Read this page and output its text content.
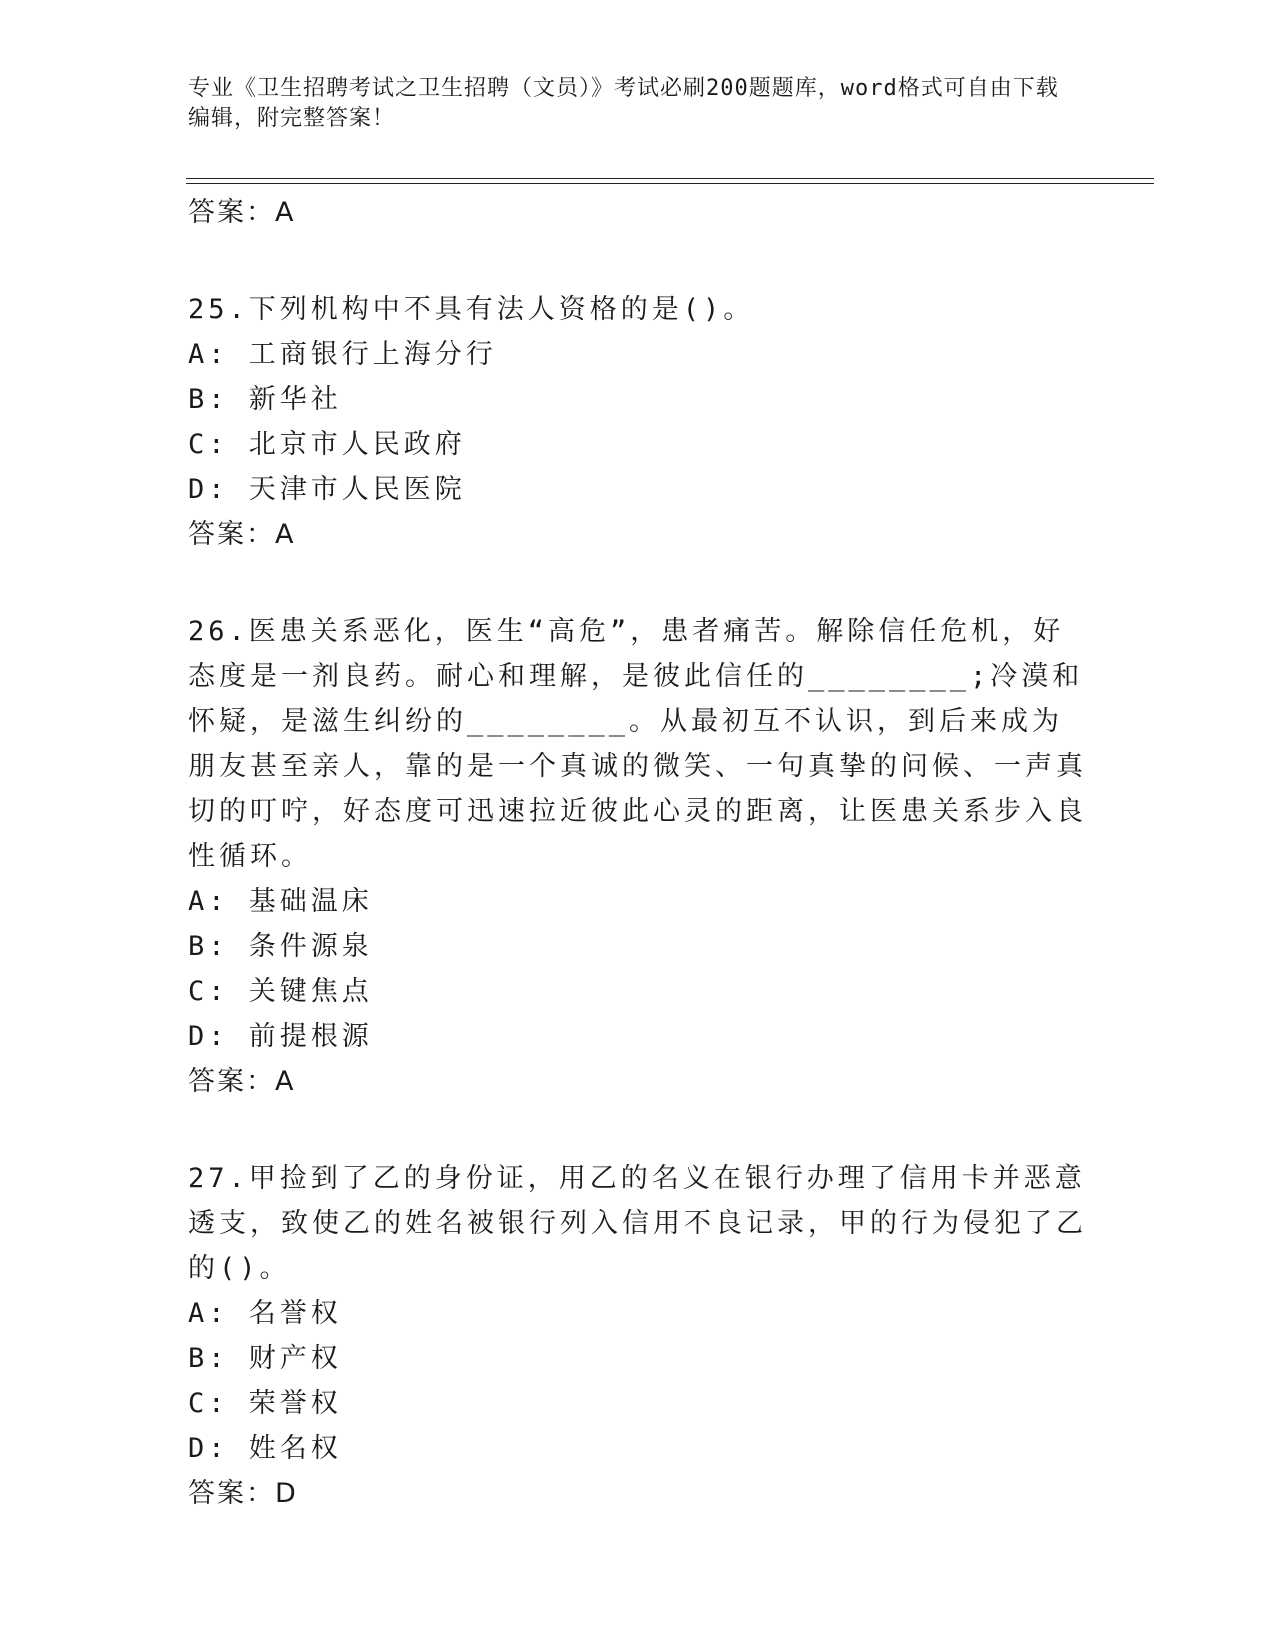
专业《卫生招聘考试之卫生招聘（文员）》考试必刷200题题库，word格式可自由下载编辑，附完整答案！
答案：A
25.下列机构中不具有法人资格的是()。
A: 工商银行上海分行
B: 新华社
C: 北京市人民政府
D: 天津市人民医院
答案：A
26.医患关系恶化，医生“高危”，患者痛苦。解除信任危机，好态度是一剂良药。耐心和理解，是彼此信任的________;冷漠和怀疑，是滋生纠纷的________。从最初互不认识，到后来成为朋友甚至亲人，靠的是一个真诚的微笑、一句真挚的问候、一声真切的叮咛，好态度可迅速拉近彼此心灵的距离，让医患关系步入良性循环。
A: 基础温床
B: 条件源泉
C: 关键焦点
D: 前提根源
答案：A
27.甲捡到了乙的身份证，用乙的名义在银行办理了信用卡并恶意透支，致使乙的姓名被银行列入信用不良记录，甲的行为侵犯了乙的()。
A: 名誉权
B: 财产权
C: 荣誉权
D: 姓名权
答案：D
